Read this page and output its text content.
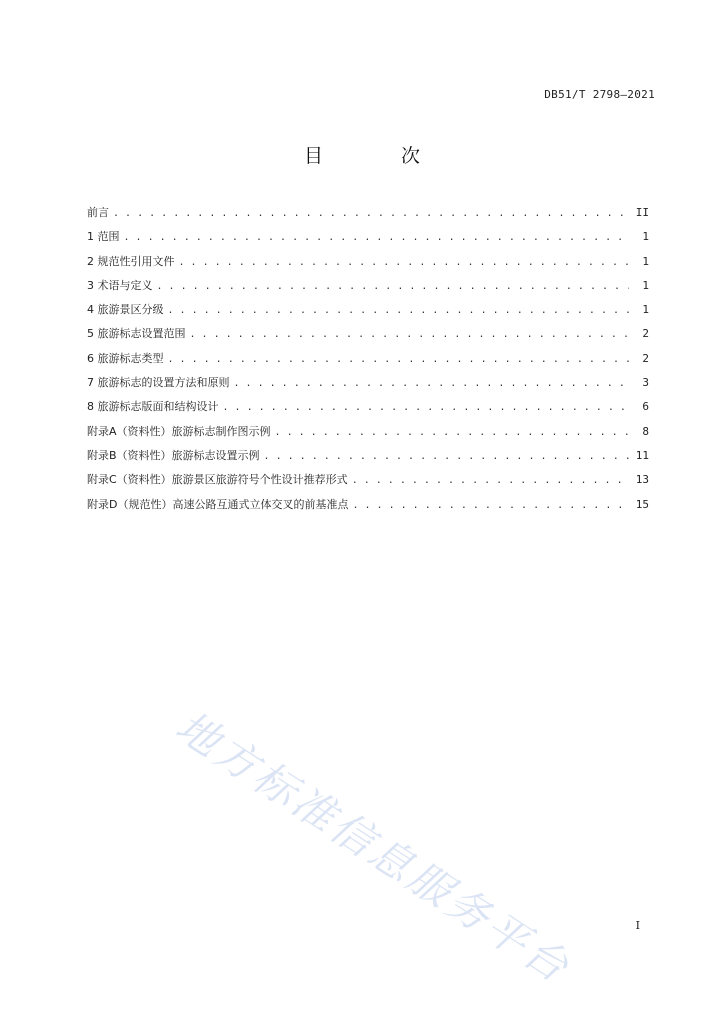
DB51/T 2798—2021
目 次
前言 . . .	II
1 范围 . . .	1
2 规范性引用文件 . . .	1
3 术语与定义 . . .	1
4 旅游景区分级 . . .	1
5 旅游标志设置范围 . . .	2
6 旅游标志类型 . . .	2
7 旅游标志的设置方法和原则 . . .	3
8 旅游标志版面和结构设计 . . .	6
附录A（资料性）旅游标志制作图示例 . . .	8
附录B（资料性）旅游标志设置示例 . . .	11
附录C（资料性）旅游景区旅游符号个性设计推荐形式 . . .	13
附录D（规范性）高速公路互通式立体交叉的前基准点 . . .	15
地方标准信息服务平台	I
